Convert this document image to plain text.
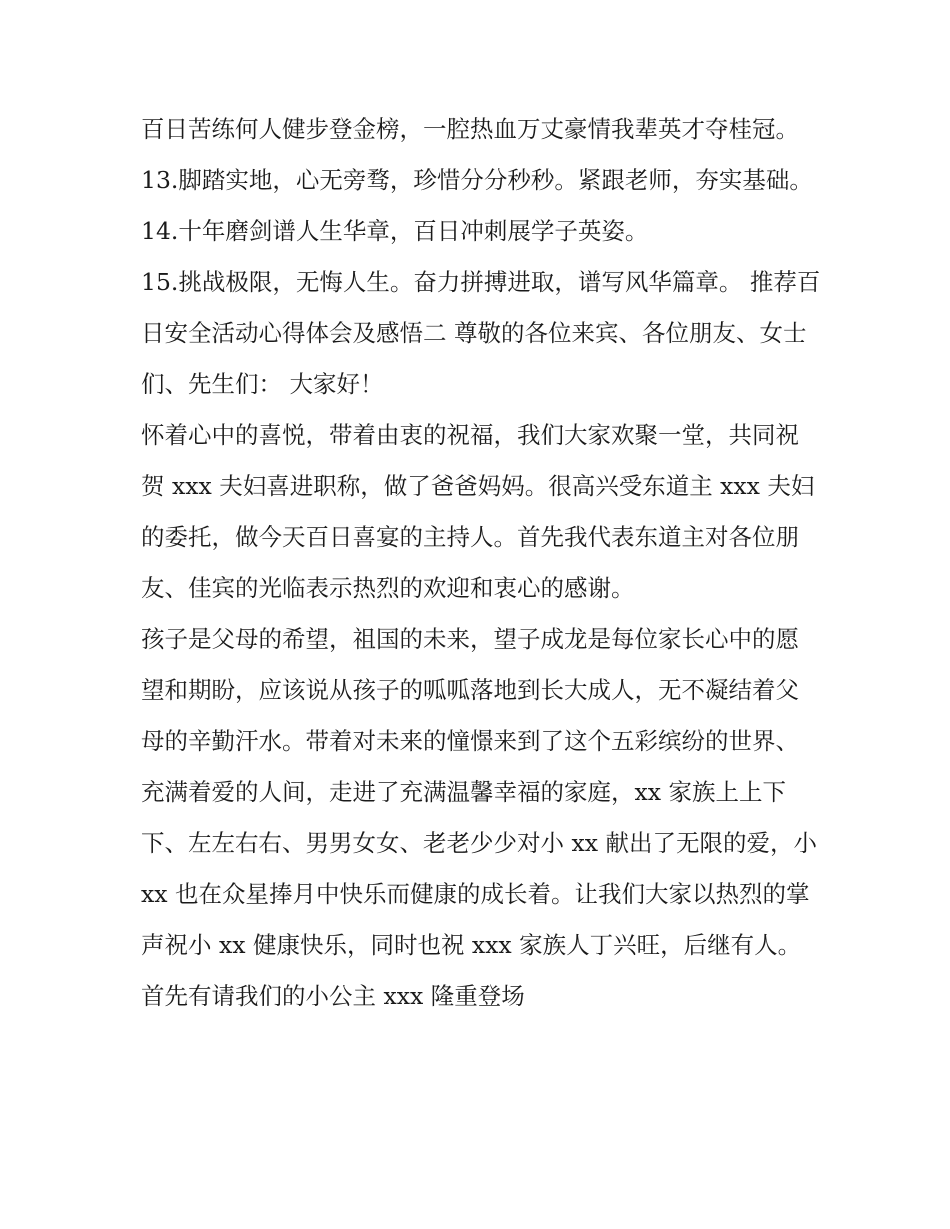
百日苦练何人健步登金榜，一腔热血万丈豪情我辈英才夺桂冠。

13.脚踏实地，心无旁骛，珍惜分分秒秒。紧跟老师，夯实基础。 14.十年磨剑谱人生华章，百日冲刺展学子英姿。

15.挑战极限，无悔人生。奋力拼搏进取，谱写风华篇章。 推荐百日安全活动心得体会及感悟二 尊敬的各位来宾、各位朋友、女士们、先生们： 大家好！

怀着心中的喜悦，带着由衷的祝福，我们大家欢聚一堂，共同祝贺 xxx 夫妇喜进职称，做了爸爸妈妈。很高兴受东道主 xxx 夫妇的委托，做今天百日喜宴的主持人。首先我代表东道主对各位朋友、佳宾的光临表示热烈的欢迎和衷心的感谢。

孩子是父母的希望，祖国的未来，望子成龙是每位家长心中的愿望和期盼，应该说从孩子的呱呱落地到长大成人，无不凝结着父母的辛勤汗水。带着对未来的憧憬来到了这个五彩缤纷的世界、充满着爱的人间，走进了充满温馨幸福的家庭，xx 家族上上下下、左左右右、男男女女、老老少少对小 xx 献出了无限的爱，小 xx 也在众星捧月中快乐而健康的成长着。让我们大家以热烈的掌声祝小 xx 健康快乐，同时也祝 xxx 家族人丁兴旺，后继有人。

首先有请我们的小公主 xxx 隆重登场
